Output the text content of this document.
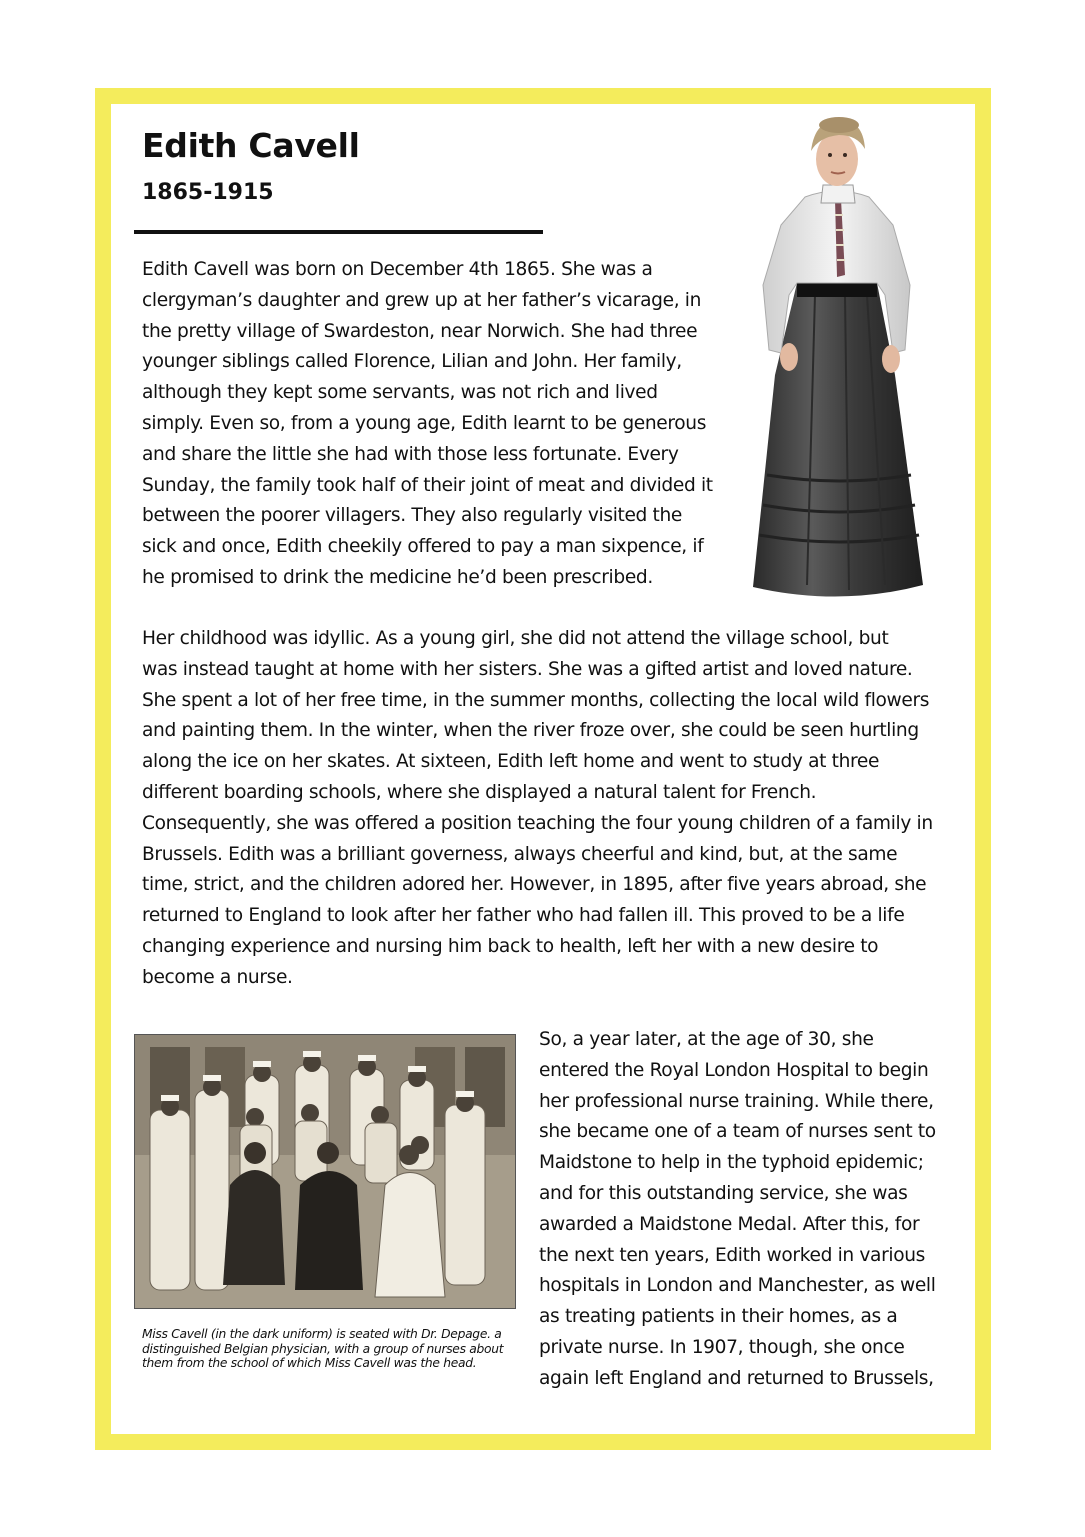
Edith Cavell
1865-1915
Edith Cavell was born on December 4th 1865. She was a
clergyman’s daughter and grew up at her father’s vicarage, in
the pretty village of Swardeston, near Norwich. She had three
younger siblings called Florence, Lilian and John. Her family,
although they kept some servants, was not rich and lived
simply. Even so, from a young age, Edith learnt to be generous
and share the little she had with those less fortunate. Every
Sunday, the family took half of their joint of meat and divided it
between the poorer villagers. They also regularly visited the
sick and once, Edith cheekily offered to pay a man sixpence, if
he promised to drink the medicine he’d been prescribed.
Her childhood was idyllic. As a young girl, she did not attend the village school, but
was instead taught at home with her sisters. She was a gifted artist and loved nature.
She spent a lot of her free time, in the summer months, collecting the local wild flowers
and painting them. In the winter, when the river froze over, she could be seen hurtling
along the ice on her skates. At sixteen, Edith left home and went to study at three
different boarding schools, where she displayed a natural talent for French.
Consequently, she was offered a position teaching the four young children of a family in
Brussels. Edith was a brilliant governess, always cheerful and kind, but, at the same
time, strict, and the children adored her. However, in 1895, after five years abroad, she
returned to England to look after her father who had fallen ill. This proved to be a life
changing experience and nursing him back to health, left her with a new desire to
become a nurse.
Miss Cavell (in the dark uniform) is seated with Dr. Depage. a distinguished Belgian physician, with a group of nurses about them from the school of which Miss Cavell was the head.
So, a year later, at the age of 30, she
entered the Royal London Hospital to begin
her professional nurse training. While there,
she became one of a team of nurses sent to
Maidstone to help in the typhoid epidemic;
and for this outstanding service, she was
awarded a Maidstone Medal. After this, for
the next ten years, Edith worked in various
hospitals in London and Manchester, as well
as treating patients in their homes, as a
private nurse. In 1907, though, she once
again left England and returned to Brussels,
